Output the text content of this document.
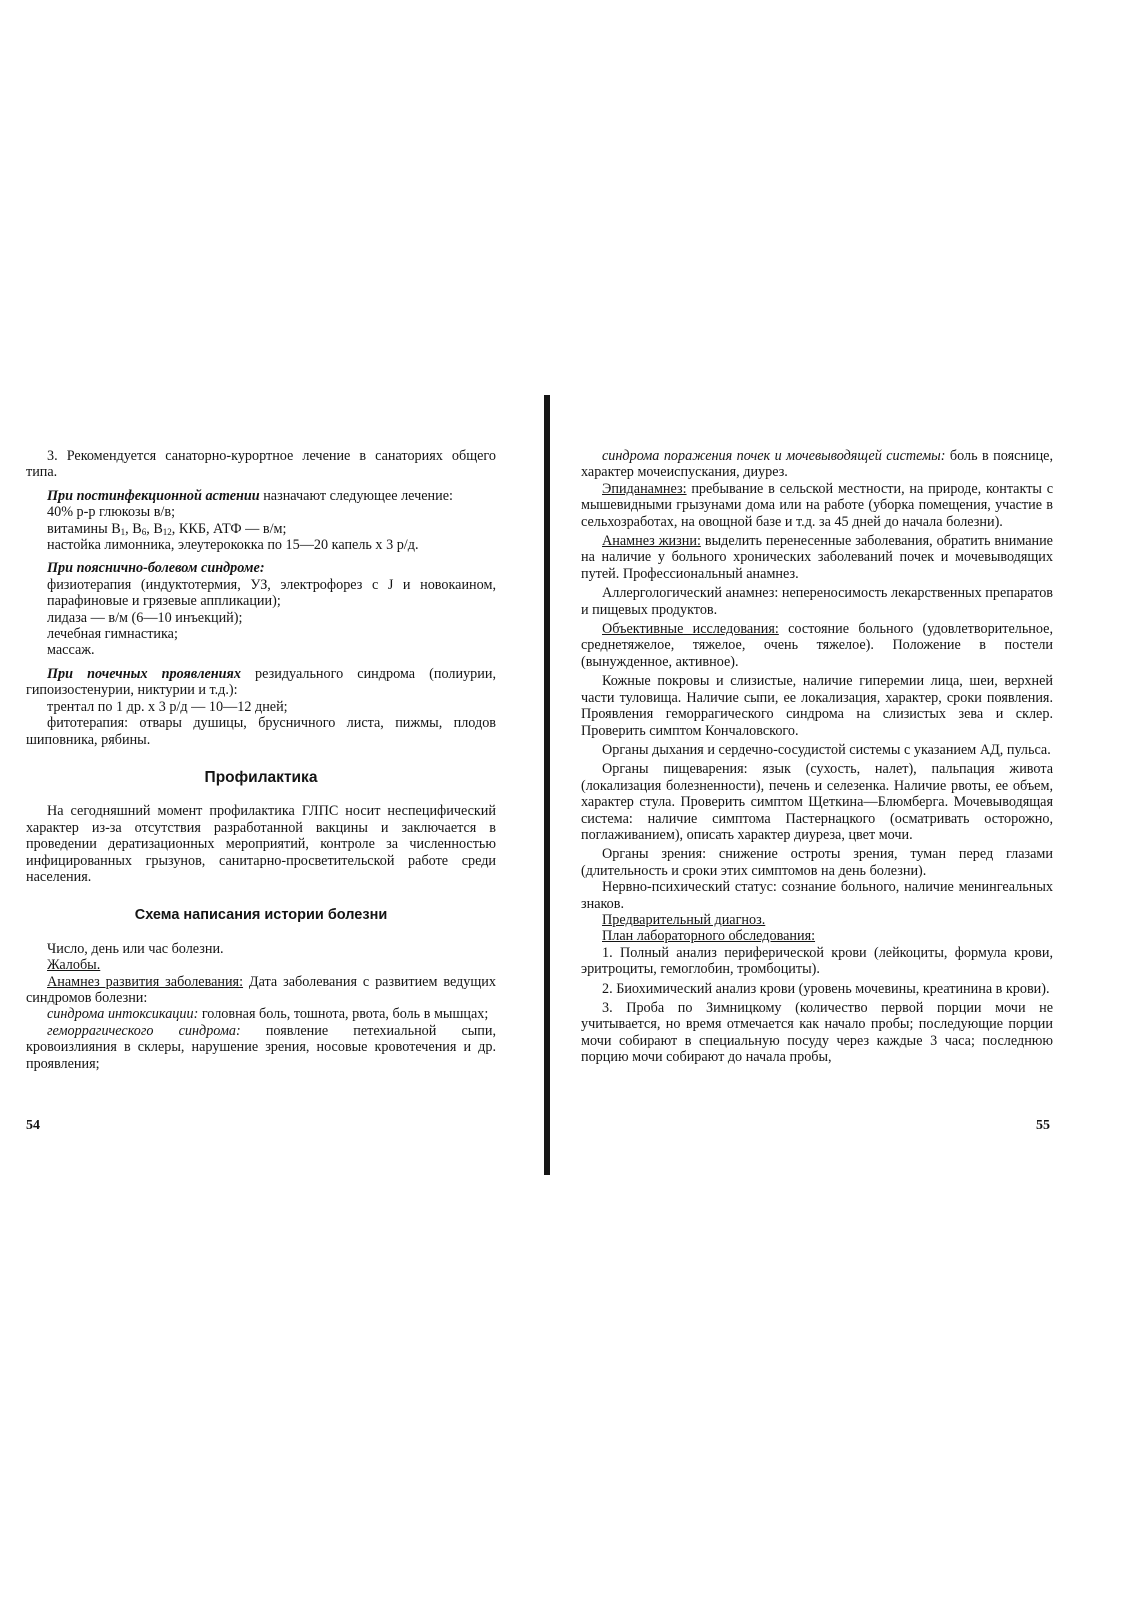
3. Рекомендуется санаторно-курортное лечение в санаториях общего типа.

При постинфекционной астении назначают следующее лечение:

40% р-р глюкозы в/в;

витамины $В_1$, $В_6$, $В_{12}$, ККБ, АТФ — в/м;

настойка лимонника, элеутерококка по 15—20 капель х 3 р/д.

При пояснично-болевом синдроме:

физиотерапия (индуктотермия, УЗ, электрофорез с J и новокаином, парафиновые и грязевые аппликации);

лидаза — в/м (6—10 инъекций);

лечебная гимнастика;

массаж.

При почечных проявлениях резидуального синдрома (полиурии, гипоизостенурии, никтурии и т.д.):

трентал по 1 др. х 3 р/д — 10—12 дней;

фитотерапия: отвары душицы, брусничного листа, пижмы, плодов шиповника, рябины.

Профилактика

На сегодняшний момент профилактика ГЛПС носит неспецифический характер из-за отсутствия разработанной вакцины и заключается в проведении дератизационных мероприятий, контроле за численностью инфицированных грызунов, санитарно-просветительской работе среди населения.

Схема написания истории болезни

Число, день или час болезни.

Жалобы.

Анамнез развития заболевания: Дата заболевания с развитием ведущих синдромов болезни:

синдрома интоксикации: головная боль, тошнота, рвота, боль в мышцах;

геморрагического синдрома: появление петехиальной сыпи, кровоизлияния в склеры, нарушение зрения, носовые кровотечения и др. проявления;

54

синдрома поражения почек и мочевыводящей системы: боль в пояснице, характер мочеиспускания, диурез.

Эпиданамнез: пребывание в сельской местности, на природе, контакты с мышевидными грызунами дома или на работе (уборка помещения, участие в сельхозработах, на овощной базе и т.д. за 45 дней до начала болезни).

Анамнез жизни: выделить перенесенные заболевания, обратить внимание на наличие у больного хронических заболеваний почек и мочевыводящих путей. Профессиональный анамнез.

Аллергологический анамнез: непереносимость лекарственных препаратов и пищевых продуктов.

Объективные исследования: состояние больного (удовлетворительное, среднетяжелое, тяжелое, очень тяжелое). Положение в постели (вынужденное, активное).

Кожные покровы и слизистые, наличие гиперемии лица, шеи, верхней части туловища. Наличие сыпи, ее локализация, характер, сроки появления. Проявления геморрагического синдрома на слизистых зева и склер. Проверить симптом Кончаловского.

Органы дыхания и сердечно-сосудистой системы с указанием АД, пульса.

Органы пищеварения: язык (сухость, налет), пальпация живота (локализация болезненности), печень и селезенка. Наличие рвоты, ее объем, характер стула. Проверить симптом Щеткина—Блюмберга. Мочевыводящая система: наличие симптома Пастернацкого (осматривать осторожно, поглаживанием), описать характер диуреза, цвет мочи.

Органы зрения: снижение остроты зрения, туман перед глазами (длительность и сроки этих симптомов на день болезни).

Нервно-психический статус: сознание больного, наличие менингеальных знаков.

Предварительный диагноз.

План лабораторного обследования:

1. Полный анализ периферической крови (лейкоциты, формула крови, эритроциты, гемоглобин, тромбоциты).

2. Биохимический анализ крови (уровень мочевины, креатинина в крови).

3. Проба по Зимницкому (количество первой порции мочи не учитывается, но время отмечается как начало пробы; последующие порции мочи собирают в специальную посуду через каждые 3 часа; последнюю порцию мочи собирают до начала пробы,

55
